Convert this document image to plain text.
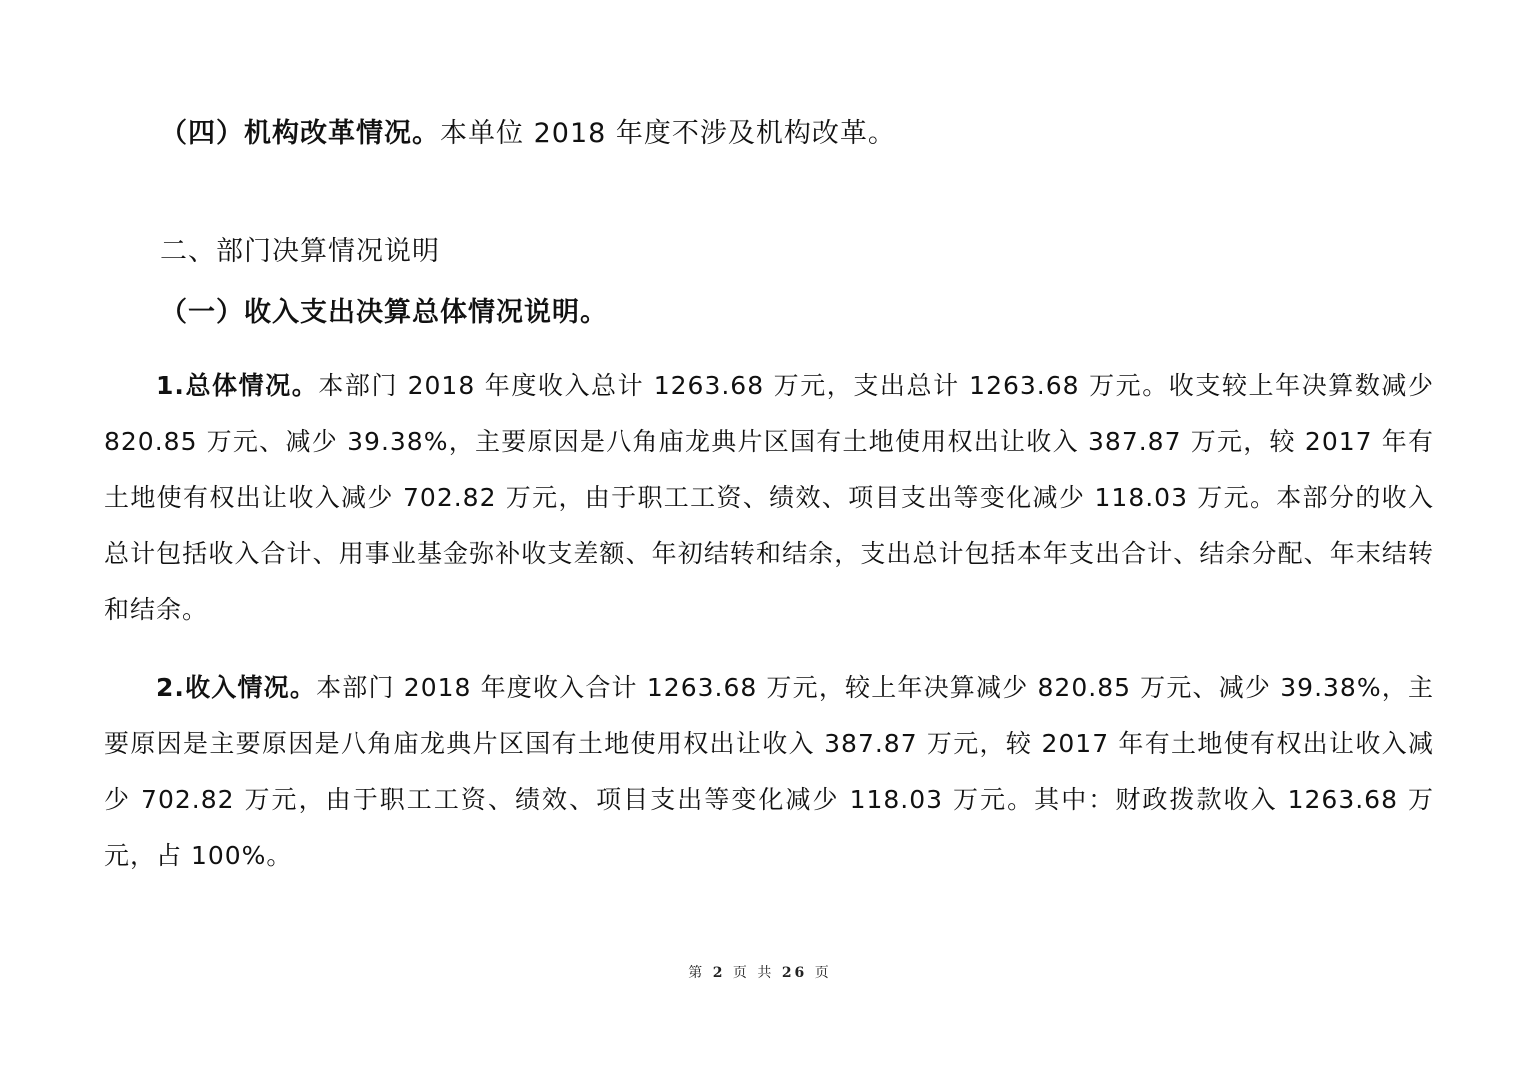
（四）机构改革情况。本单位 2018 年度不涉及机构改革。

二、部门决算情况说明
（一）收入支出决算总体情况说明。

1.总体情况。本部门 2018 年度收入总计 1263.68 万元，支出总计 1263.68 万元。收支较上年决算数减少 820.85 万元、减少 39.38%，主要原因是八角庙龙典片区国有土地使用权出让收入 387.87 万元，较 2017 年有土地使有权出让收入减少 702.82 万元，由于职工工资、绩效、项目支出等变化减少 118.03 万元。本部分的收入总计包括收入合计、用事业基金弥补收支差额、年初结转和结余，支出总计包括本年支出合计、结余分配、年末结转和结余。

2.收入情况。本部门 2018 年度收入合计 1263.68 万元，较上年决算减少 820.85 万元、减少 39.38%，主要原因是主要原因是八角庙龙典片区国有土地使用权出让收入 387.87 万元，较 2017 年有土地使有权出让收入减少 702.82 万元，由于职工工资、绩效、项目支出等变化减少 118.03 万元。其中：财政拨款收入 1263.68 万元，占 100%。

第 2 页 共 26 页
